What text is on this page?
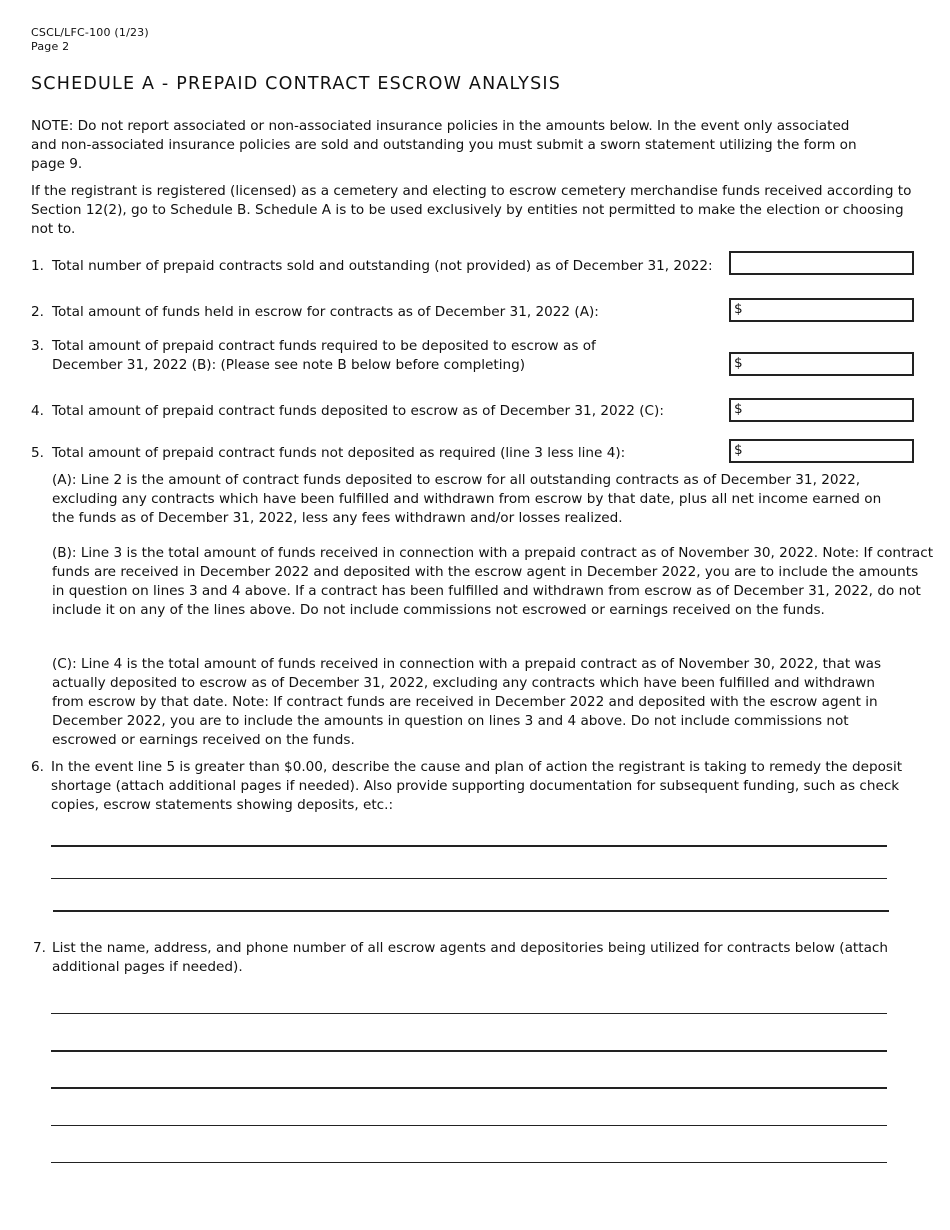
CSCL/LFC-100 (1/23)
Page 2
SCHEDULE A - PREPAID CONTRACT ESCROW ANALYSIS
NOTE: Do not report associated or non-associated insurance policies in the amounts below. In the event only associated and non-associated insurance policies are sold and outstanding you must submit a sworn statement utilizing the form on page 9.
If the registrant is registered (licensed) as a cemetery and electing to escrow cemetery merchandise funds received according to Section 12(2), go to Schedule B. Schedule A is to be used exclusively by entities not permitted to make the election or choosing not to.
1. Total number of prepaid contracts sold and outstanding (not provided) as of December 31, 2022:
2. Total amount of funds held in escrow for contracts as of December 31, 2022 (A):	$
3. Total amount of prepaid contract funds required to be deposited to escrow as of December 31, 2022 (B): (Please see note B below before completing)	$
4. Total amount of prepaid contract funds deposited to escrow as of December 31, 2022 (C):	$
5. Total amount of prepaid contract funds not deposited as required (line 3 less line 4):	$
(A): Line 2 is the amount of contract funds deposited to escrow for all outstanding contracts as of December 31, 2022, excluding any contracts which have been fulfilled and withdrawn from escrow by that date, plus all net income earned on the funds as of December 31, 2022, less any fees withdrawn and/or losses realized.
(B): Line 3 is the total amount of funds received in connection with a prepaid contract as of November 30, 2022. Note: If contract funds are received in December 2022 and deposited with the escrow agent in December 2022, you are to include the amounts in question on lines 3 and 4 above. If a contract has been fulfilled and withdrawn from escrow as of December 31, 2022, do not include it on any of the lines above. Do not include commissions not escrowed or earnings received on the funds.
(C): Line 4 is the total amount of funds received in connection with a prepaid contract as of November 30, 2022, that was actually deposited to escrow as of December 31, 2022, excluding any contracts which have been fulfilled and withdrawn from escrow by that date. Note: If contract funds are received in December 2022 and deposited with the escrow agent in December 2022, you are to include the amounts in question on lines 3 and 4 above. Do not include commissions not escrowed or earnings received on the funds.
6. In the event line 5 is greater than $0.00, describe the cause and plan of action the registrant is taking to remedy the deposit shortage (attach additional pages if needed). Also provide supporting documentation for subsequent funding, such as check copies, escrow statements showing deposits, etc.:
7. List the name, address, and phone number of all escrow agents and depositories being utilized for contracts below (attach additional pages if needed).
